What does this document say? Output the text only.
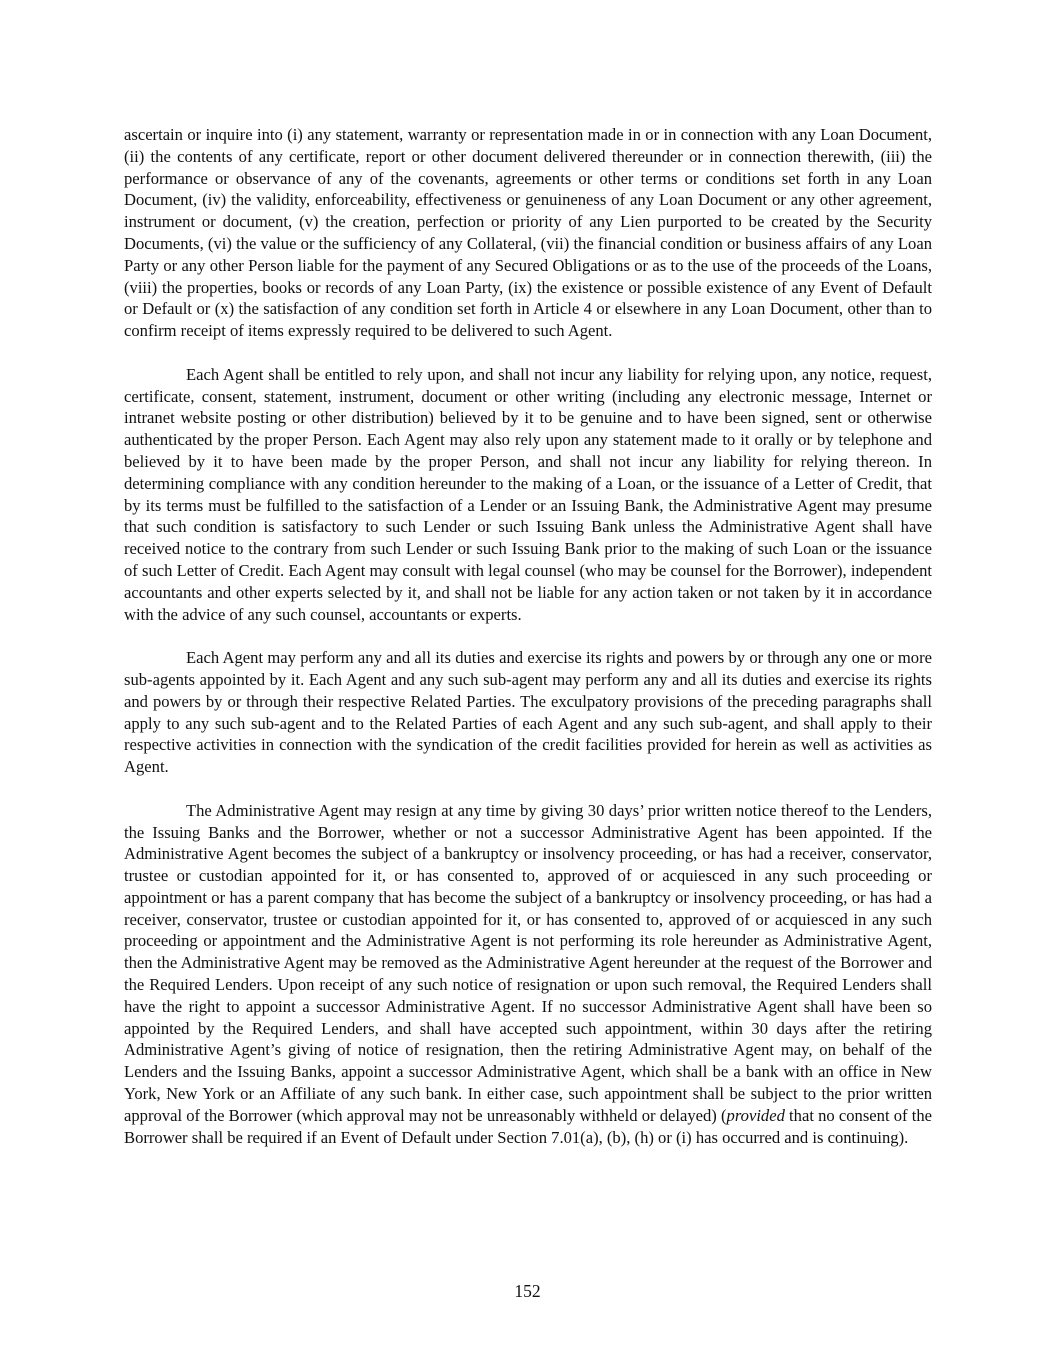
ascertain or inquire into (i) any statement, warranty or representation made in or in connection with any Loan Document, (ii) the contents of any certificate, report or other document delivered thereunder or in connection therewith, (iii) the performance or observance of any of the covenants, agreements or other terms or conditions set forth in any Loan Document, (iv) the validity, enforceability, effectiveness or genuineness of any Loan Document or any other agreement, instrument or document, (v) the creation, perfection or priority of any Lien purported to be created by the Security Documents, (vi) the value or the sufficiency of any Collateral, (vii) the financial condition or business affairs of any Loan Party or any other Person liable for the payment of any Secured Obligations or as to the use of the proceeds of the Loans, (viii) the properties, books or records of any Loan Party, (ix) the existence or possible existence of any Event of Default or Default or (x) the satisfaction of any condition set forth in Article 4 or elsewhere in any Loan Document, other than to confirm receipt of items expressly required to be delivered to such Agent.

Each Agent shall be entitled to rely upon, and shall not incur any liability for relying upon, any notice, request, certificate, consent, statement, instrument, document or other writing (including any electronic message, Internet or intranet website posting or other distribution) believed by it to be genuine and to have been signed, sent or otherwise authenticated by the proper Person. Each Agent may also rely upon any statement made to it orally or by telephone and believed by it to have been made by the proper Person, and shall not incur any liability for relying thereon. In determining compliance with any condition hereunder to the making of a Loan, or the issuance of a Letter of Credit, that by its terms must be fulfilled to the satisfaction of a Lender or an Issuing Bank, the Administrative Agent may presume that such condition is satisfactory to such Lender or such Issuing Bank unless the Administrative Agent shall have received notice to the contrary from such Lender or such Issuing Bank prior to the making of such Loan or the issuance of such Letter of Credit. Each Agent may consult with legal counsel (who may be counsel for the Borrower), independent accountants and other experts selected by it, and shall not be liable for any action taken or not taken by it in accordance with the advice of any such counsel, accountants or experts.

Each Agent may perform any and all its duties and exercise its rights and powers by or through any one or more sub-agents appointed by it. Each Agent and any such sub-agent may perform any and all its duties and exercise its rights and powers by or through their respective Related Parties. The exculpatory provisions of the preceding paragraphs shall apply to any such sub-agent and to the Related Parties of each Agent and any such sub-agent, and shall apply to their respective activities in connection with the syndication of the credit facilities provided for herein as well as activities as Agent.

The Administrative Agent may resign at any time by giving 30 days’ prior written notice thereof to the Lenders, the Issuing Banks and the Borrower, whether or not a successor Administrative Agent has been appointed. If the Administrative Agent becomes the subject of a bankruptcy or insolvency proceeding, or has had a receiver, conservator, trustee or custodian appointed for it, or has consented to, approved of or acquiesced in any such proceeding or appointment or has a parent company that has become the subject of a bankruptcy or insolvency proceeding, or has had a receiver, conservator, trustee or custodian appointed for it, or has consented to, approved of or acquiesced in any such proceeding or appointment and the Administrative Agent is not performing its role hereunder as Administrative Agent, then the Administrative Agent may be removed as the Administrative Agent hereunder at the request of the Borrower and the Required Lenders. Upon receipt of any such notice of resignation or upon such removal, the Required Lenders shall have the right to appoint a successor Administrative Agent. If no successor Administrative Agent shall have been so appointed by the Required Lenders, and shall have accepted such appointment, within 30 days after the retiring Administrative Agent’s giving of notice of resignation, then the retiring Administrative Agent may, on behalf of the Lenders and the Issuing Banks, appoint a successor Administrative Agent, which shall be a bank with an office in New York, New York or an Affiliate of any such bank. In either case, such appointment shall be subject to the prior written approval of the Borrower (which approval may not be unreasonably withheld or delayed) (provided that no consent of the Borrower shall be required if an Event of Default under Section 7.01(a), (b), (h) or (i) has occurred and is continuing).

152
